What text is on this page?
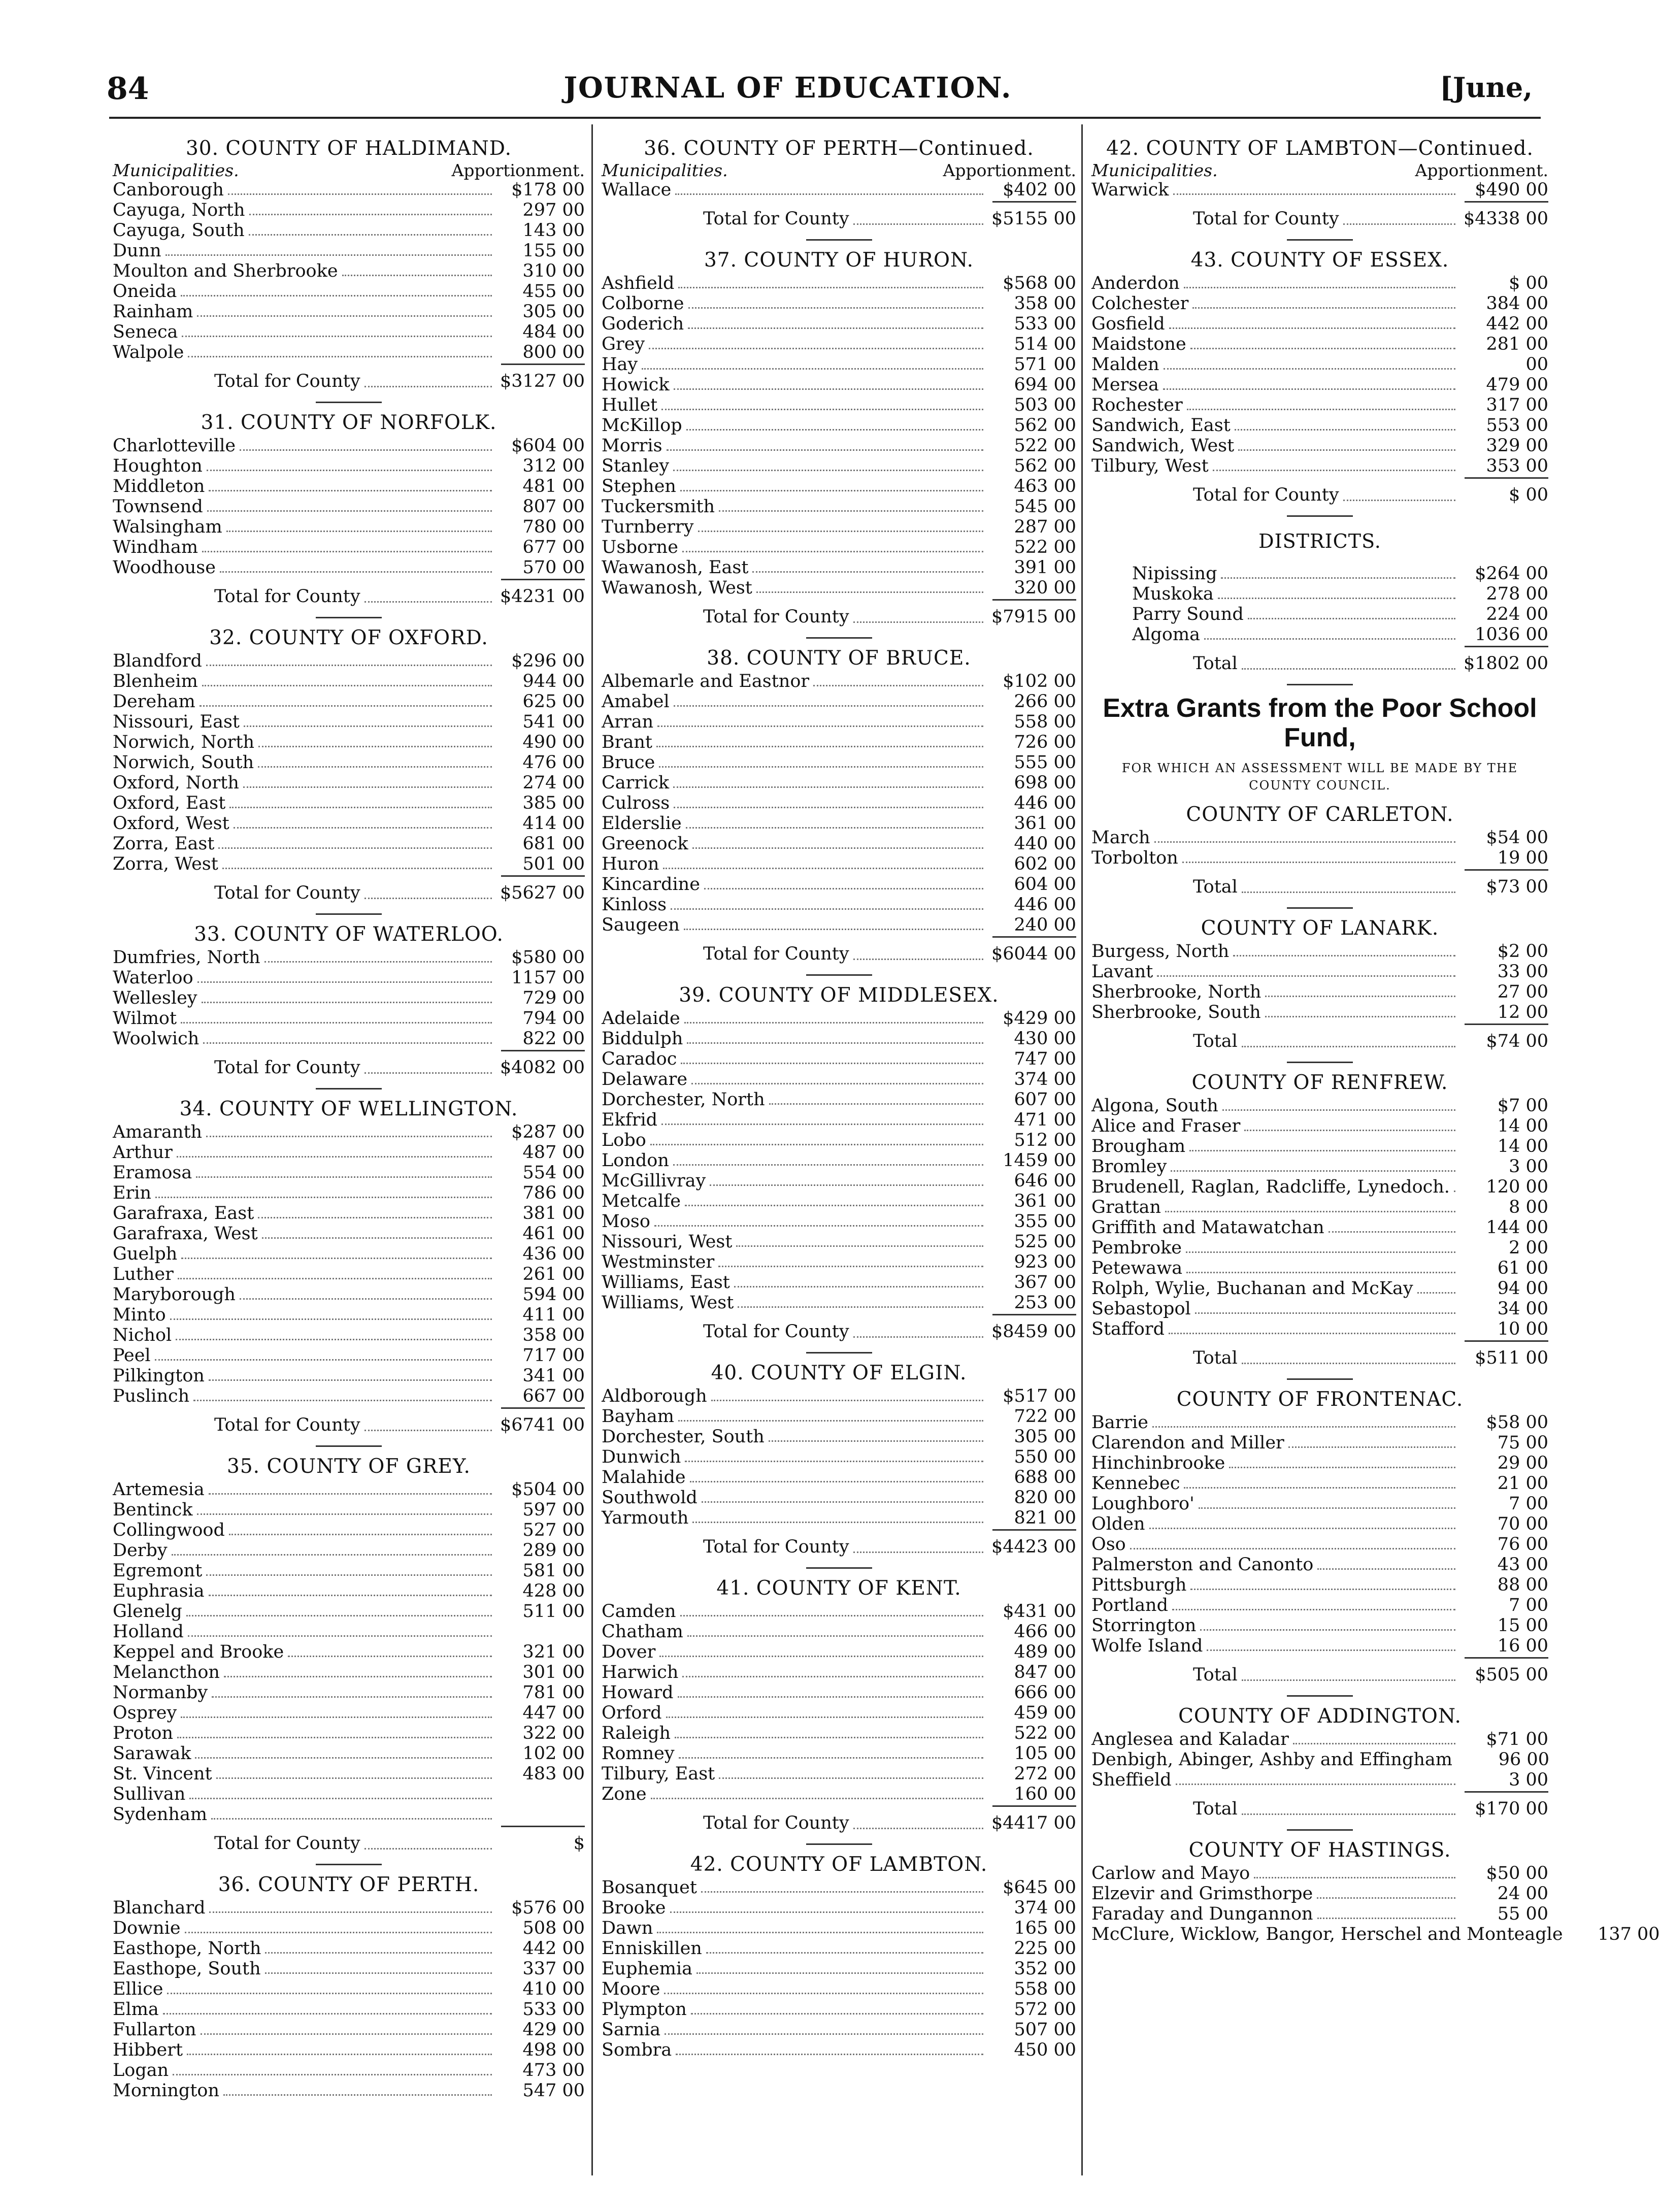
84	JOURNAL OF EDUCATION.	[June,
30. COUNTY OF HALDIMAND.
Municipalities.	Apportionment.
Canborough	$178 00
Cayuga, North	297 00
Cayuga, South	143 00
Dunn	155 00
Moulton and Sherbrooke	310 00
Oneida	455 00
Rainham	305 00
Seneca	484 00
Walpole	800 00
Total for County	$3127 00
31. COUNTY OF NORFOLK.
Charlotteville	$604 00
Houghton	312 00
Middleton	481 00
Townsend	807 00
Walsingham	780 00
Windham	677 00
Woodhouse	570 00
Total for County	$4231 00
32. COUNTY OF OXFORD.
Blandford	$296 00
Blenheim	944 00
Dereham	625 00
Nissouri, East	541 00
Norwich, North	490 00
Norwich, South	476 00
Oxford, North	274 00
Oxford, East	385 00
Oxford, West	414 00
Zorra, East	681 00
Zorra, West	501 00
Total for County	$5627 00
33. COUNTY OF WATERLOO.
Dumfries, North	$580 00
Waterloo	1157 00
Wellesley	729 00
Wilmot	794 00
Woolwich	822 00
Total for County	$4082 00
34. COUNTY OF WELLINGTON.
Amaranth	$287 00
Arthur	487 00
Eramosa	554 00
Erin	786 00
Garafraxa, East	381 00
Garafraxa, West	461 00
Guelph	436 00
Luther	261 00
Maryborough	594 00
Minto	411 00
Nichol	358 00
Peel	717 00
Pilkington	341 00
Puslinch	667 00
Total for County	$6741 00
35. COUNTY OF GREY.
Artemesia	$504 00
Bentinck	597 00
Collingwood	527 00
Derby	289 00
Egremont	581 00
Euphrasia	428 00
Glenelg	511 00
Holland
Keppel and Brooke	321 00
Melancthon	301 00
Normanby	781 00
Osprey	447 00
Proton	322 00
Sarawak	102 00
St. Vincent	483 00
Sullivan
Sydenham
Total for County	$
36. COUNTY OF PERTH.
Blanchard	$576 00
Downie	508 00
Easthope, North	442 00
Easthope, South	337 00
Ellice	410 00
Elma	533 00
Fullarton	429 00
Hibbert	498 00
Logan	473 00
Mornington	547 00
36. COUNTY OF PERTH—Continued.
Municipalities.	Apportionment.
Wallace	$402 00
Total for County	$5155 00
37. COUNTY OF HURON.
Ashfield	$568 00
Colborne	358 00
Goderich	533 00
Grey	514 00
Hay	571 00
Howick	694 00
Hullet	503 00
McKillop	562 00
Morris	522 00
Stanley	562 00
Stephen	463 00
Tuckersmith	545 00
Turnberry	287 00
Usborne	522 00
Wawanosh, East	391 00
Wawanosh, West	320 00
Total for County	$7915 00
38. COUNTY OF BRUCE.
Albemarle and Eastnor	$102 00
Amabel	266 00
Arran	558 00
Brant	726 00
Bruce	555 00
Carrick	698 00
Culross	446 00
Elderslie	361 00
Greenock	440 00
Huron	602 00
Kincardine	604 00
Kinloss	446 00
Saugeen	240 00
Total for County	$6044 00
39. COUNTY OF MIDDLESEX.
Adelaide	$429 00
Biddulph	430 00
Caradoc	747 00
Delaware	374 00
Dorchester, North	607 00
Ekfrid	471 00
Lobo	512 00
London	1459 00
McGillivray	646 00
Metcalfe	361 00
Moso	355 00
Nissouri, West	525 00
Westminster	923 00
Williams, East	367 00
Williams, West	253 00
Total for County	$8459 00
40. COUNTY OF ELGIN.
Aldborough	$517 00
Bayham	722 00
Dorchester, South	305 00
Dunwich	550 00
Malahide	688 00
Southwold	820 00
Yarmouth	821 00
Total for County	$4423 00
41. COUNTY OF KENT.
Camden	$431 00
Chatham	466 00
Dover	489 00
Harwich	847 00
Howard	666 00
Orford	459 00
Raleigh	522 00
Romney	105 00
Tilbury, East	272 00
Zone	160 00
Total for County	$4417 00
42. COUNTY OF LAMBTON.
Bosanquet	$645 00
Brooke	374 00
Dawn	165 00
Enniskillen	225 00
Euphemia	352 00
Moore	558 00
Plympton	572 00
Sarnia	507 00
Sombra	450 00
42. COUNTY OF LAMBTON—Continued.
Municipalities.	Apportionment.
Warwick	$490 00
Total for County	$4338 00
43. COUNTY OF ESSEX.
Anderdon	$ 00
Colchester	384 00
Gosfield	442 00
Maidstone	281 00
Malden	00
Mersea	479 00
Rochester	317 00
Sandwich, East	553 00
Sandwich, West	329 00
Tilbury, West	353 00
Total for County	$ 00
DISTRICTS.
Nipissing	$264 00
Muskoka	278 00
Parry Sound	224 00
Algoma	1036 00
Total	$1802 00
Extra Grants from the Poor School Fund,
FOR WHICH AN ASSESSMENT WILL BE MADE BY THE COUNTY COUNCIL.
COUNTY OF CARLETON.
March	$54 00
Torbolton	19 00
Total	$73 00
COUNTY OF LANARK.
Burgess, North	$2 00
Lavant	33 00
Sherbrooke, North	27 00
Sherbrooke, South	12 00
Total	$74 00
COUNTY OF RENFREW.
Algona, South	$7 00
Alice and Fraser	14 00
Brougham	14 00
Bromley	3 00
Brudenell, Raglan, Radcliffe, Lynedoch.	120 00
Grattan	8 00
Griffith and Matawatchan	144 00
Pembroke	2 00
Petewawa	61 00
Rolph, Wylie, Buchanan and McKay	94 00
Sebastopol	34 00
Stafford	10 00
Total	$511 00
COUNTY OF FRONTENAC.
Barrie	$58 00
Clarendon and Miller	75 00
Hinchinbrooke	29 00
Kennebec	21 00
Loughboro'	7 00
Olden	70 00
Oso	76 00
Palmerston and Canonto	43 00
Pittsburgh	88 00
Portland	7 00
Storrington	15 00
Wolfe Island	16 00
Total	$505 00
COUNTY OF ADDINGTON.
Anglesea and Kaladar	$71 00
Denbigh, Abinger, Ashby and Effingham	96 00
Sheffield	3 00
Total	$170 00
COUNTY OF HASTINGS.
Carlow and Mayo	$50 00
Elzevir and Grimsthorpe	24 00
Faraday and Dungannon	55 00
McClure, Wicklow, Bangor, Herschel and Monteagle	137 00
